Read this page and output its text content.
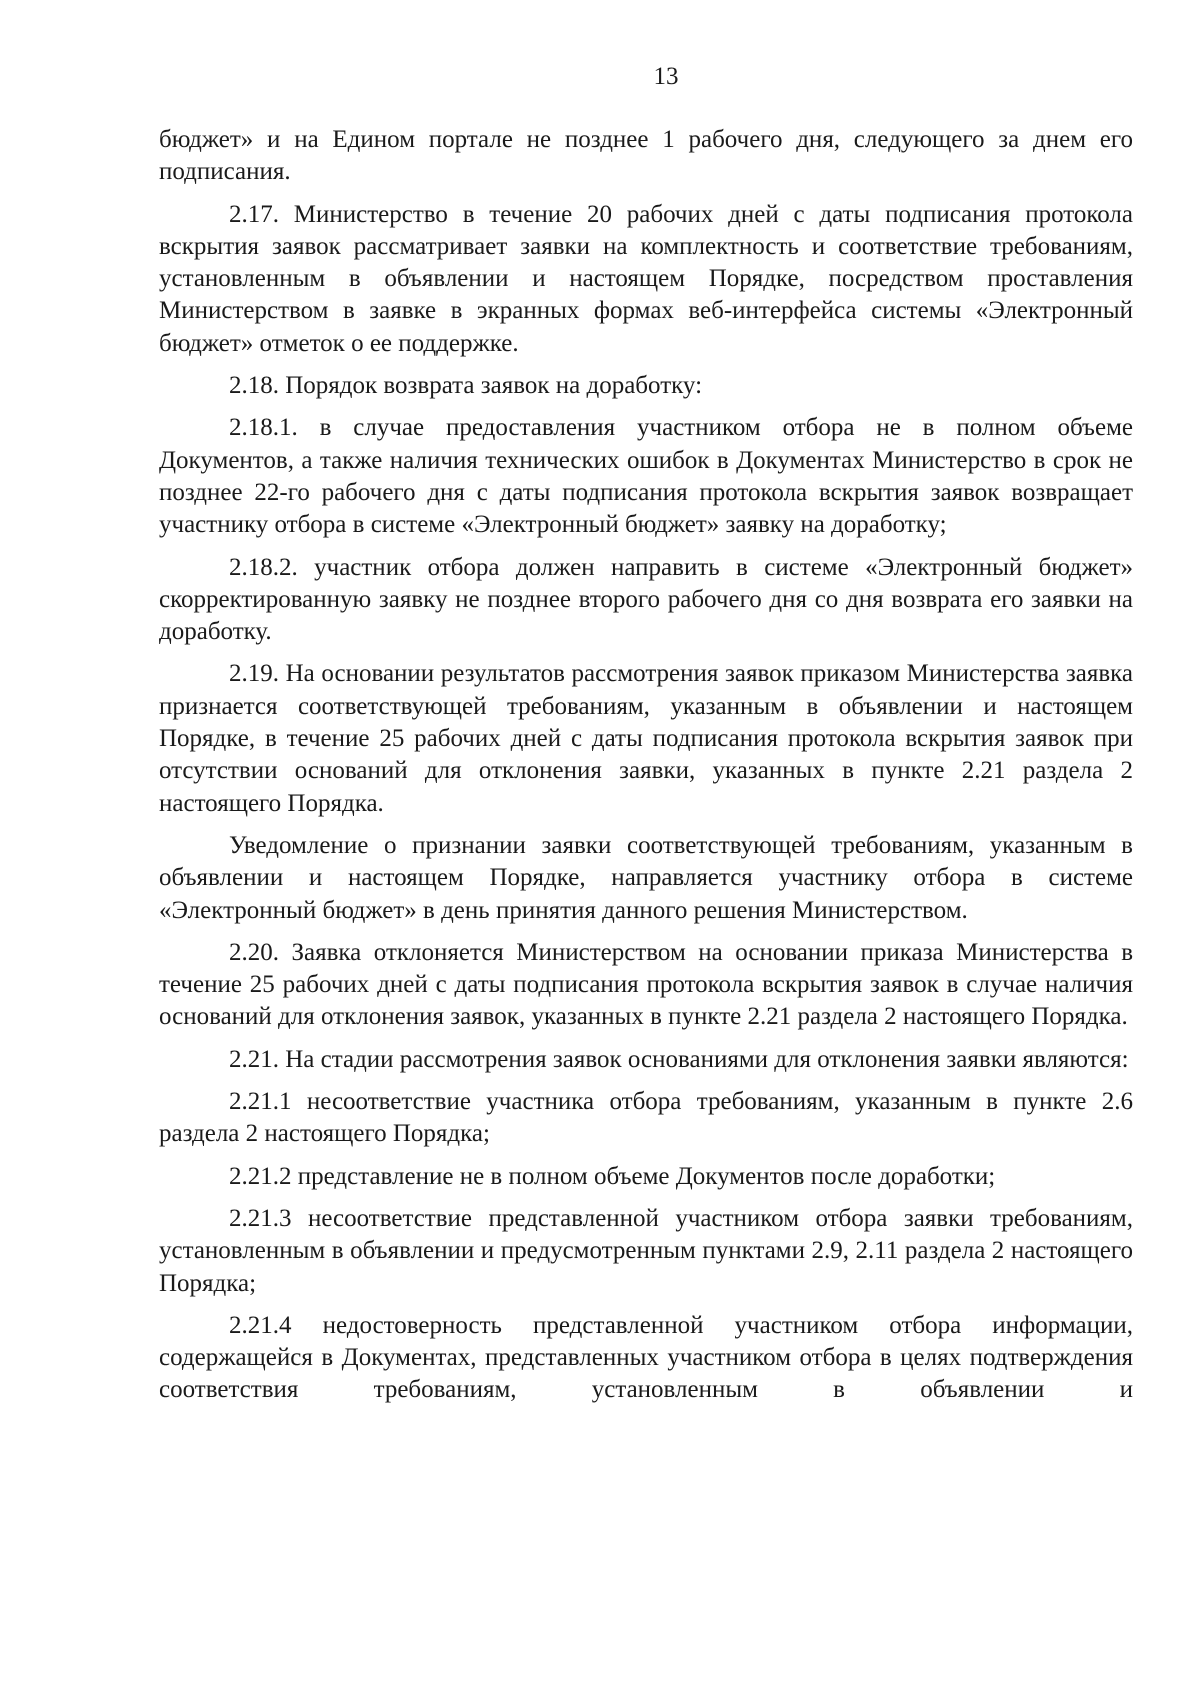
13

бюджет» и на Едином портале не позднее 1 рабочего дня, следующего за днем его подписания.

2.17. Министерство в течение 20 рабочих дней с даты подписания протокола вскрытия заявок рассматривает заявки на комплектность и соответствие требованиям, установленным в объявлении и настоящем Порядке, посредством проставления Министерством в заявке в экранных формах веб-интерфейса системы «Электронный бюджет» отметок о ее поддержке.

2.18. Порядок возврата заявок на доработку:

2.18.1. в случае предоставления участником отбора не в полном объеме Документов, а также наличия технических ошибок в Документах Министерство в срок не позднее 22-го рабочего дня с даты подписания протокола вскрытия заявок возвращает участнику отбора в системе «Электронный бюджет» заявку на доработку;

2.18.2. участник отбора должен направить в системе «Электронный бюджет» скорректированную заявку не позднее второго рабочего дня со дня возврата его заявки на доработку.

2.19. На основании результатов рассмотрения заявок приказом Министерства заявка признается соответствующей требованиям, указанным в объявлении и настоящем Порядке, в течение 25 рабочих дней с даты подписания протокола вскрытия заявок при отсутствии оснований для отклонения заявки, указанных в пункте 2.21 раздела 2 настоящего Порядка.

Уведомление о признании заявки соответствующей требованиям, указанным в объявлении и настоящем Порядке, направляется участнику отбора в системе «Электронный бюджет» в день принятия данного решения Министерством.

2.20. Заявка отклоняется Министерством на основании приказа Министерства в течение 25 рабочих дней с даты подписания протокола вскрытия заявок в случае наличия оснований для отклонения заявок, указанных в пункте 2.21 раздела 2 настоящего Порядка.

2.21. На стадии рассмотрения заявок основаниями для отклонения заявки являются:

2.21.1 несоответствие участника отбора требованиям, указанным в пункте 2.6 раздела 2 настоящего Порядка;

2.21.2 представление не в полном объеме Документов после доработки;

2.21.3 несоответствие представленной участником отбора заявки требованиям, установленным в объявлении и предусмотренным пунктами 2.9, 2.11 раздела 2 настоящего Порядка;

2.21.4 недостоверность представленной участником отбора информации, содержащейся в Документах, представленных участником отбора в целях подтверждения соответствия требованиям, установленным в объявлении и
